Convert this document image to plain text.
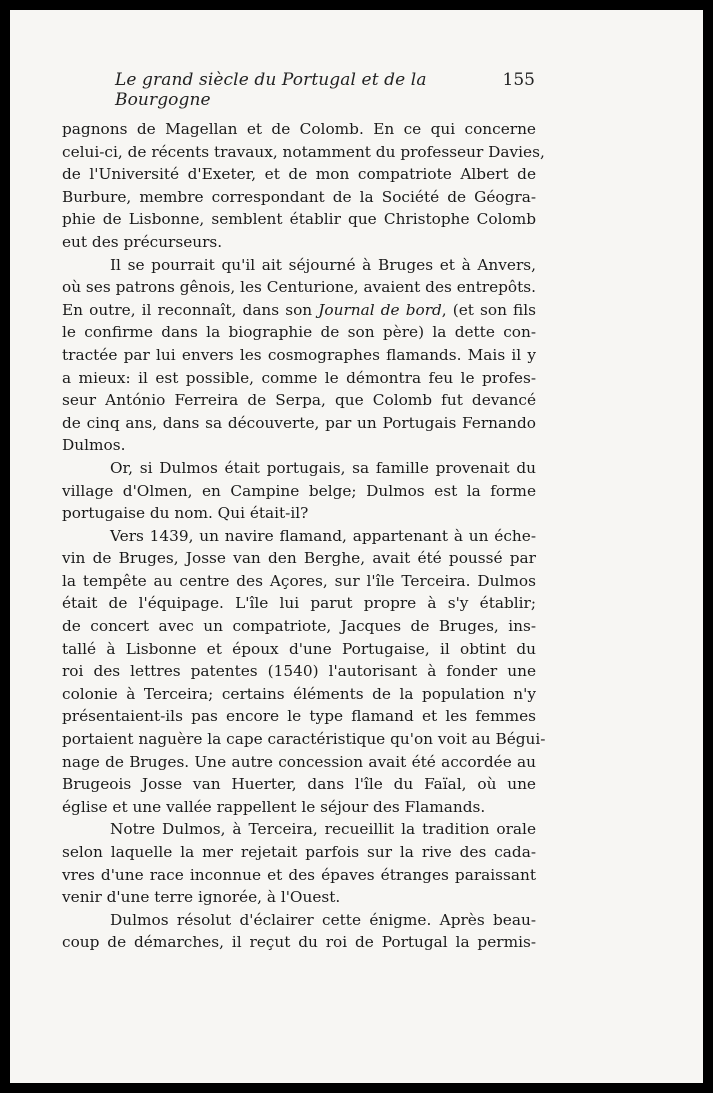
Le grand siècle du Portugal et de la Bourgogne
155
pagnons de Magellan et de Colomb. En ce qui concerne
celui-ci, de récents travaux, notamment du professeur Davies,
de l'Université d'Exeter, et de mon compatriote Albert de
Burbure, membre correspondant de la Société de Géogra-
phie de Lisbonne, semblent établir que Christophe Colomb
eut des précurseurs.
Il se pourrait qu'il ait séjourné à Bruges et à Anvers,
où ses patrons gênois, les Centurione, avaient des entrepôts.
En outre, il reconnaît, dans son Journal de bord, (et son fils
le confirme dans la biographie de son père) la dette con-
tractée par lui envers les cosmographes flamands. Mais il y
a mieux: il est possible, comme le démontra feu le profes-
seur António Ferreira de Serpa, que Colomb fut devancé
de cinq ans, dans sa découverte, par un Portugais Fernando
Dulmos.
Or, si Dulmos était portugais, sa famille provenait du
village d'Olmen, en Campine belge; Dulmos est la forme
portugaise du nom. Qui était-il?
Vers 1439, un navire flamand, appartenant à un éche-
vin de Bruges, Josse van den Berghe, avait été poussé par
la tempête au centre des Açores, sur l'île Terceira. Dulmos
était de l'équipage. L'île lui parut propre à s'y établir;
de concert avec un compatriote, Jacques de Bruges, ins-
tallé à Lisbonne et époux d'une Portugaise, il obtint du
roi des lettres patentes (1540) l'autorisant à fonder une
colonie à Terceira; certains éléments de la population n'y
présentaient-ils pas encore le type flamand et les femmes
portaient naguère la cape caractéristique qu'on voit au Bégui-
nage de Bruges. Une autre concession avait été accordée au
Brugeois Josse van Huerter, dans l'île du Faïal, où une
église et une vallée rappellent le séjour des Flamands.
Notre Dulmos, à Terceira, recueillit la tradition orale
selon laquelle la mer rejetait parfois sur la rive des cada-
vres d'une race inconnue et des épaves étranges paraissant
venir d'une terre ignorée, à l'Ouest.
Dulmos résolut d'éclairer cette énigme. Après beau-
coup de démarches, il reçut du roi de Portugal la permis-
